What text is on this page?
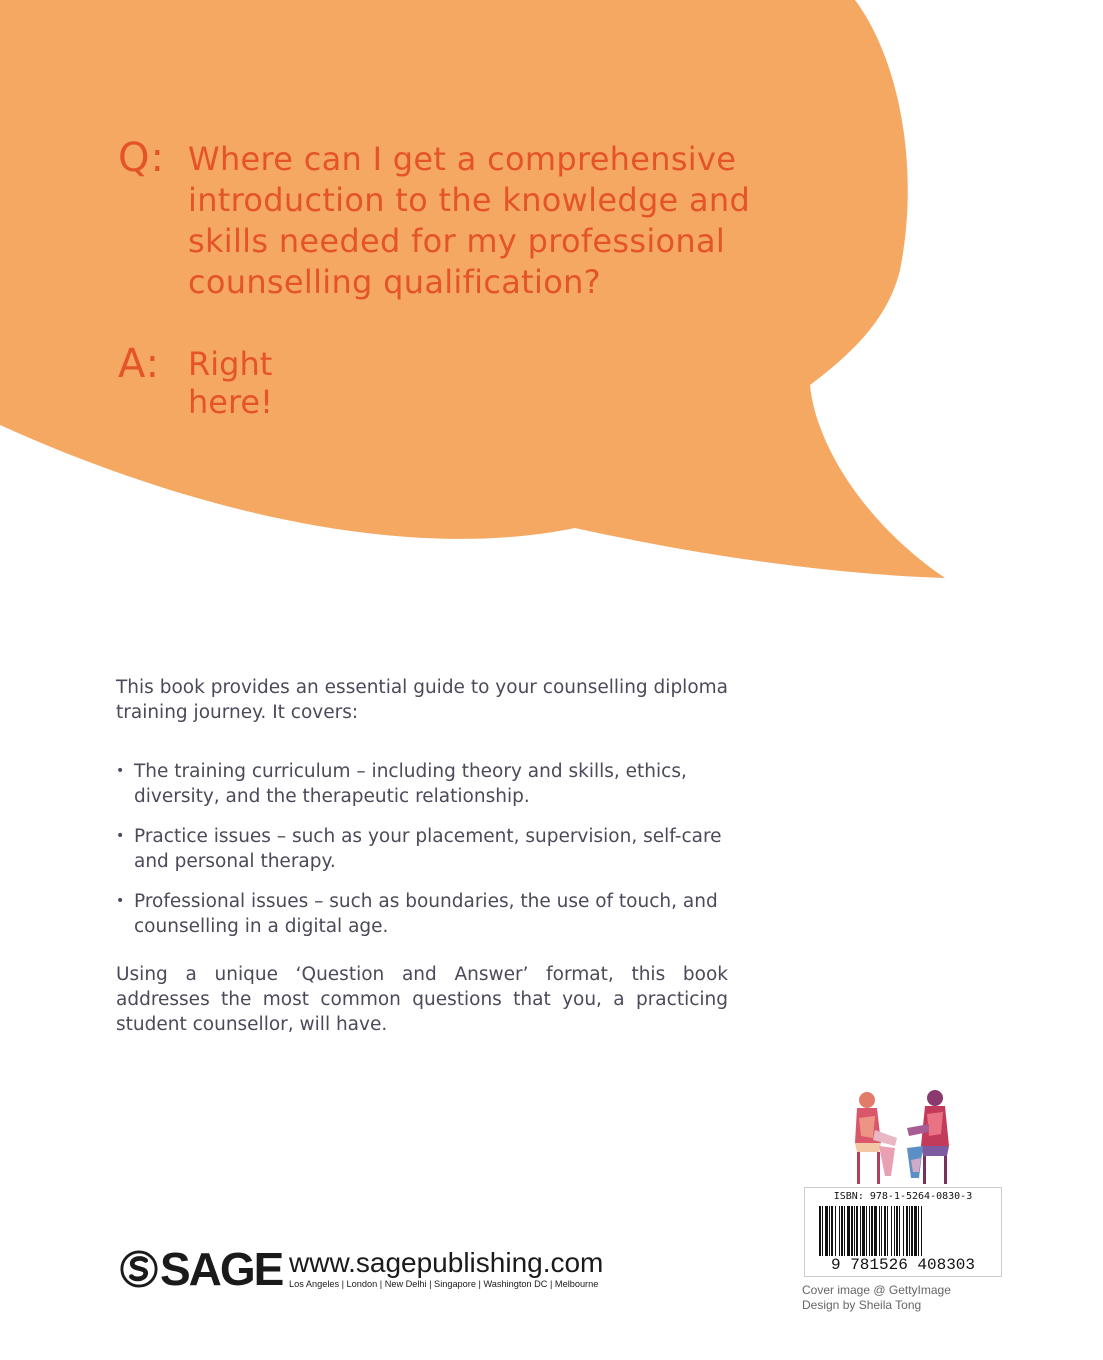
Q: Where can I get a comprehensive introduction to the knowledge and skills needed for my professional counselling qualification?
A: Right here!

This book provides an essential guide to your counselling diploma training journey. It covers:

• The training curriculum – including theory and skills, ethics, diversity, and the therapeutic relationship.
• Practice issues – such as your placement, supervision, self-care and personal therapy.
• Professional issues – such as boundaries, the use of touch, and counselling in a digital age.

Using a unique ‘Question and Answer’ format, this book addresses the most common questions that you, a practicing student counsellor, will have.

SAGE www.sagepublishing.com
Los Angeles | London | New Delhi | Singapore | Washington DC | Melbourne
ISBN: 978-1-5264-0830-3
9 781526 408303
Cover image @ GettyImage
Design by Sheila Tong
